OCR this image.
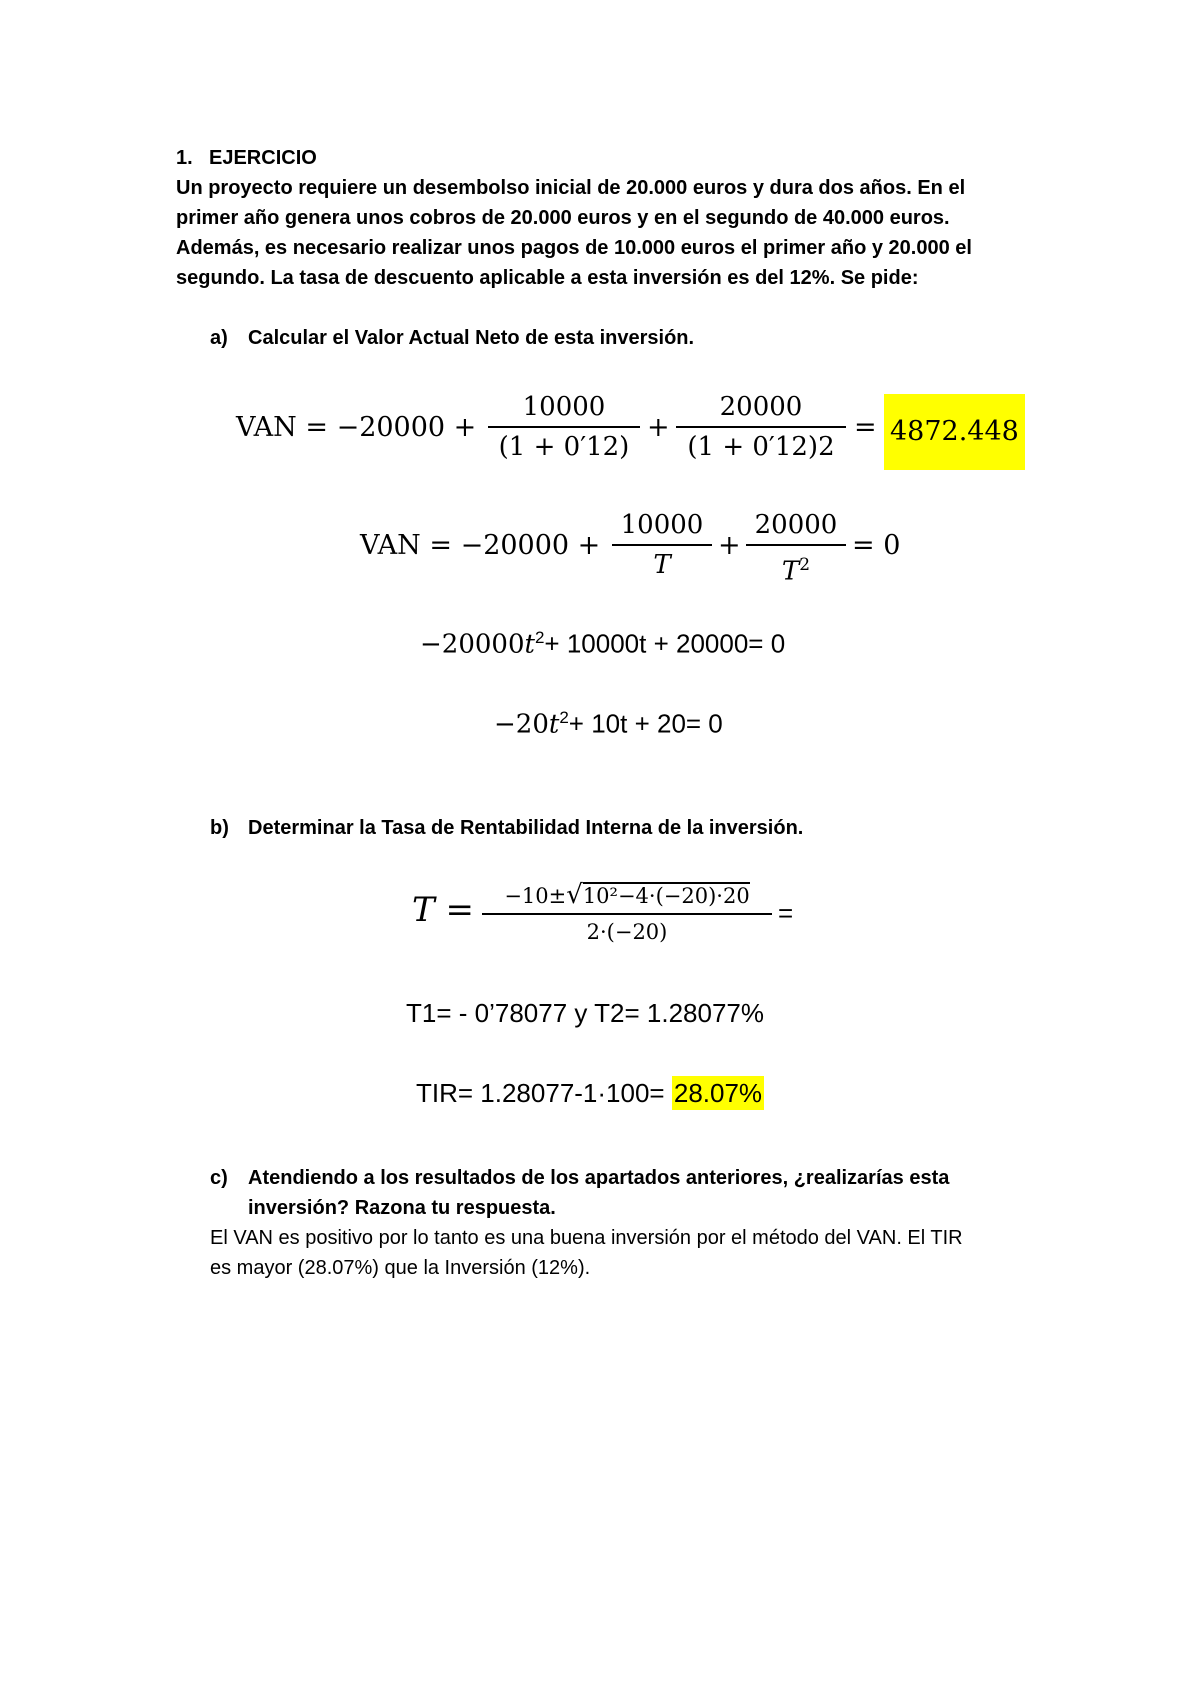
1. EJERCICIO
Un proyecto requiere un desembolso inicial de 20.000 euros y dura dos años. En el
primer año genera unos cobros de 20.000 euros y en el segundo de 40.000 euros.
Además, es necesario realizar unos pagos de 10.000 euros el primer año y 20.000 el
segundo. La tasa de descuento aplicable a esta inversión es del 12%. Se pide:
a) Calcular el Valor Actual Neto de esta inversión.
VAN = −20000 +
10000
(1 + 0′12)
+
20000
(1 + 0′12)2
= 4872.448
VAN = −20000 +
10000
T
+
20000
$T^2$
= 0
$-20000t^2+ 10000t + 20000= 0$
$-20t^2+ 10t + 20= 0$
b) Determinar la Tasa de Rentabilidad Interna de la inversión.
T =	−10±√10²−4·(−20)·20
2·(−20)
=
T1= - 0’78077 y T2= 1.28077%
TIR= 1.28077-1·100= 28.07%
c) Atendiendo a los resultados de los apartados anteriores, ¿realizarías esta
inversión? Razona tu respuesta.
El VAN es positivo por lo tanto es una buena inversión por el método del VAN. El TIR
es mayor (28.07%) que la Inversión (12%).
